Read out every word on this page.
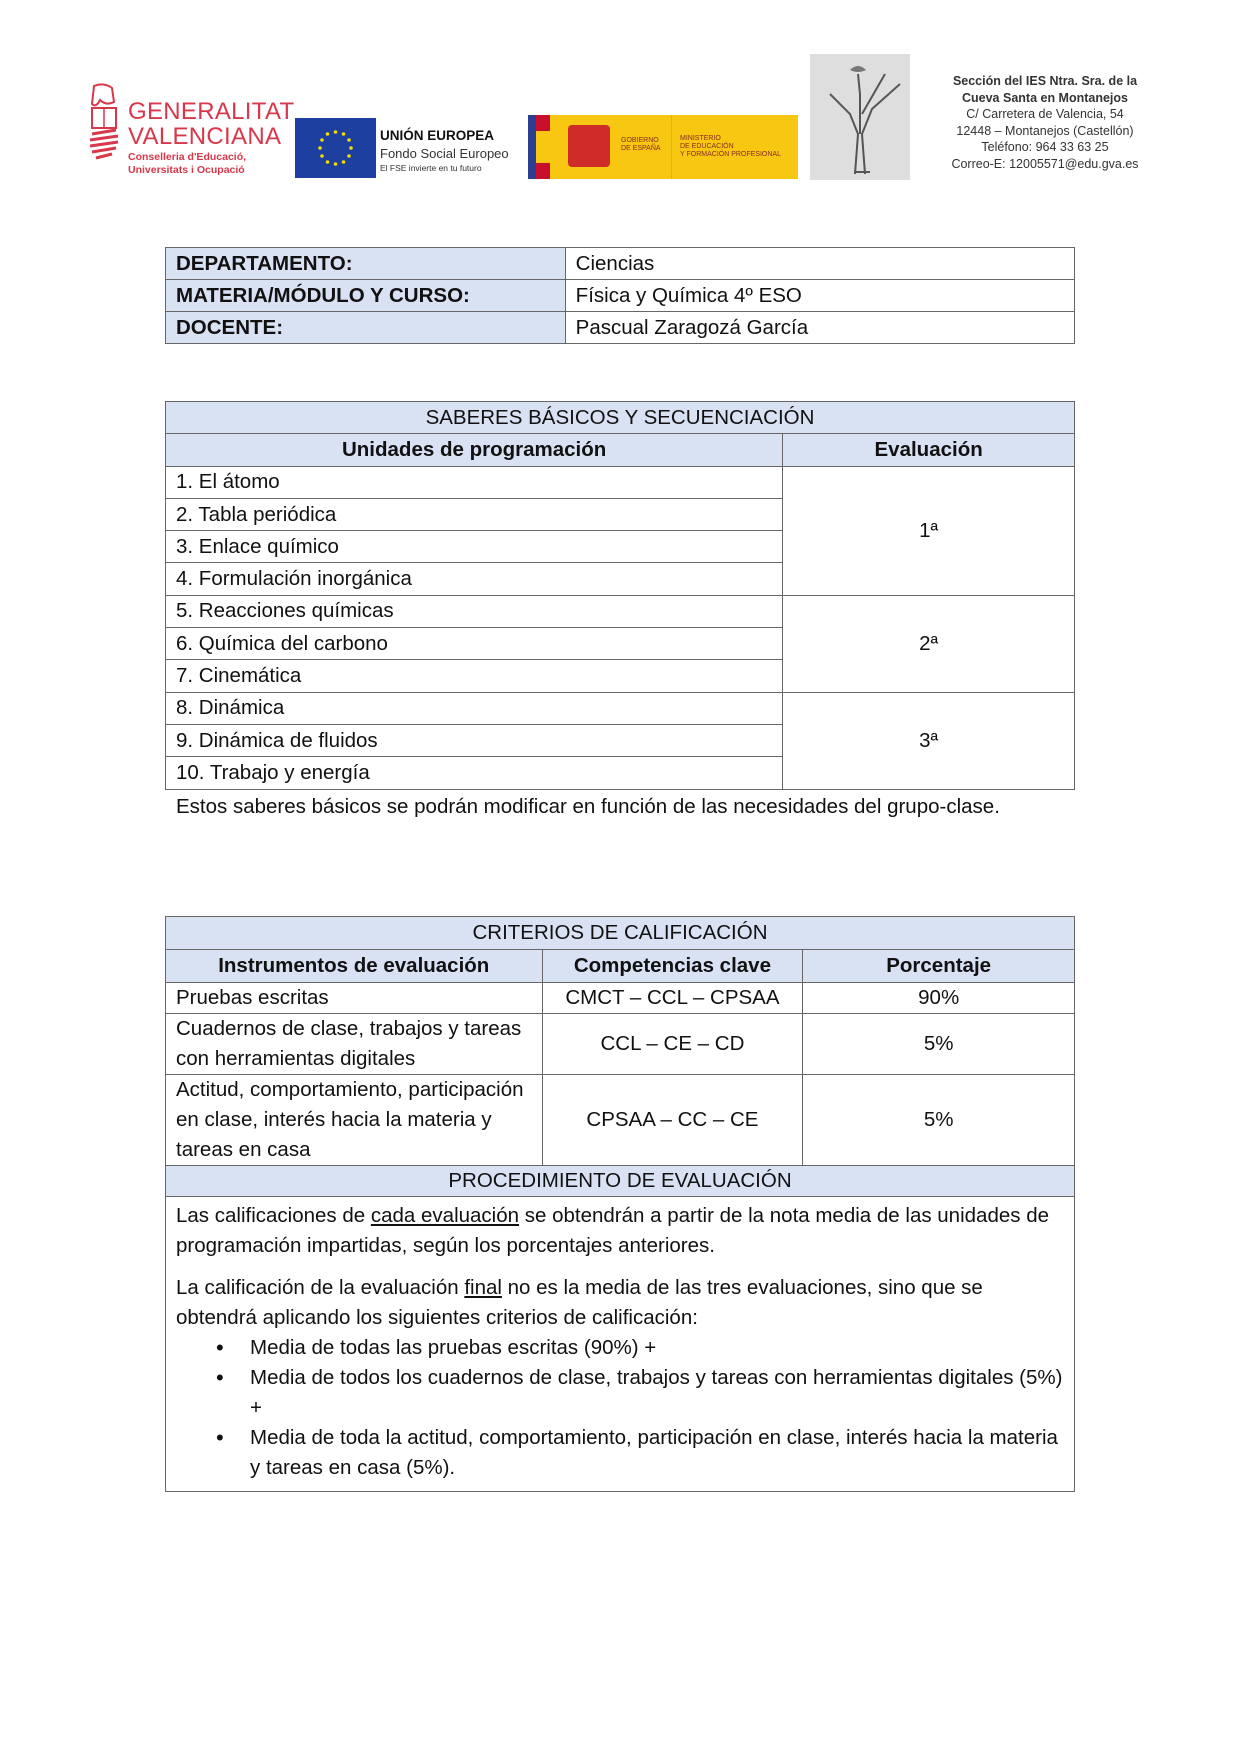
GENERALITAT
VALENCIANA
Conselleria d'Educació,
Universitats i Ocupació
UNIÓN EUROPEA
Fondo Social Europeo
El FSE invierte en tu futuro
GOBIERNO
DE ESPAÑA
MINISTERIO
DE EDUCACIÓN
Y FORMACIÓN PROFESIONAL
Sección del IES Ntra. Sra. de la
Cueva Santa en Montanejos
C/ Carretera de Valencia, 54
12448 – Montanejos (Castellón)
Teléfono: 964 33 63 25
Correo-E: 12005571@edu.gva.es
DEPARTAMENTO:	Ciencias
MATERIA/MÓDULO Y CURSO:	Física y Química 4º ESO
DOCENTE:	Pascual Zaragozá García
SABERES BÁSICOS Y SECUENCIACIÓN	
Unidades de programación	Evaluación
1. El átomo	1ª
2. Tabla periódica	
3. Enlace químico	
4. Formulación inorgánica	
5. Reacciones químicas	2ª
6. Química del carbono	
7. Cinemática	
8. Dinámica	3ª
9. Dinámica de fluidos	
10. Trabajo y energía	

Estos saberes básicos se podrán modificar en función de las necesidades del grupo-clase.

CRITERIOS DE CALIFICACIÓN		
Instrumentos de evaluación	Competencias clave	Porcentaje
Pruebas escritas	CMCT – CCL – CPSAA	90%
Cuadernos de clase, trabajos y tareas con herramientas digitales	CCL – CE – CD	5%
Actitud, comportamiento, participación en clase, interés hacia la materia y tareas en casa	CPSAA – CC – CE	5%
PROCEDIMIENTO DE EVALUACIÓN		

Las calificaciones de cada evaluación se obtendrán a partir de la nota media de las unidades de programación impartidas, según los porcentajes anteriores.

La calificación de la evaluación final no es la media de las tres evaluaciones, sino que se obtendrá aplicando los siguientes criterios de calificación:

• Media de todas las pruebas escritas (90%) +
• Media de todos los cuadernos de clase, trabajos y tareas con herramientas digitales (5%) +
• Media de toda la actitud, comportamiento, participación en clase, interés hacia la materia y tareas en casa (5%).
